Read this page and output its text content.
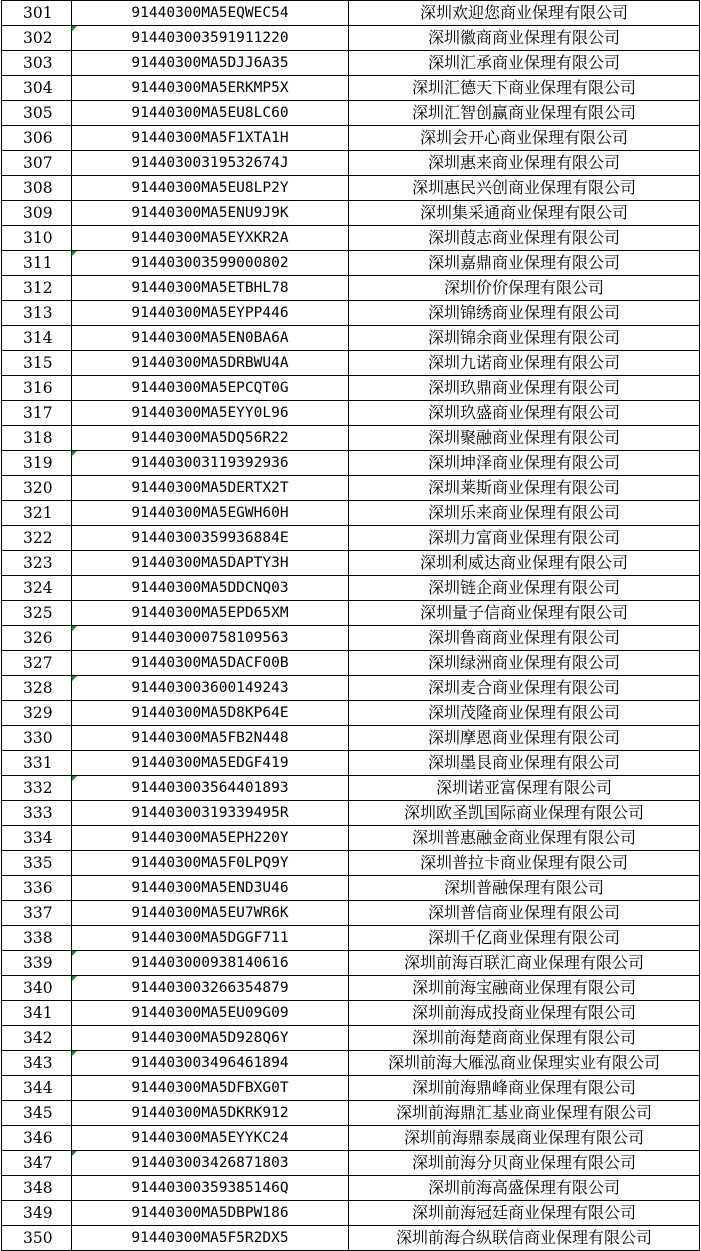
301	91440300MA5EQWEC54	深圳欢迎您商业保理有限公司
302	914403003591911220	深圳徽商商业保理有限公司
303	91440300MA5DJJ6A35	深圳汇承商业保理有限公司
304	91440300MA5ERKMP5X	深圳汇德天下商业保理有限公司
305	91440300MA5EU8LC60	深圳汇智创赢商业保理有限公司
306	91440300MA5F1XTA1H	深圳会开心商业保理有限公司
307	91440300319532674J	深圳惠来商业保理有限公司
308	91440300MA5EU8LP2Y	深圳惠民兴创商业保理有限公司
309	91440300MA5ENU9J9K	深圳集采通商业保理有限公司
310	91440300MA5EYXKR2A	深圳葭志商业保理有限公司
311	914403003599000802	深圳嘉鼎商业保理有限公司
312	91440300MA5ETBHL78	深圳价价保理有限公司
313	91440300MA5EYPP446	深圳锦绣商业保理有限公司
314	91440300MA5EN0BA6A	深圳锦余商业保理有限公司
315	91440300MA5DRBWU4A	深圳九诺商业保理有限公司
316	91440300MA5EPCQT0G	深圳玖鼎商业保理有限公司
317	91440300MA5EYY0L96	深圳玖盛商业保理有限公司
318	91440300MA5DQ56R22	深圳聚融商业保理有限公司
319	914403003119392936	深圳坤泽商业保理有限公司
320	91440300MA5DERTX2T	深圳莱斯商业保理有限公司
321	91440300MA5EGWH60H	深圳乐来商业保理有限公司
322	91440300359936884E	深圳力富商业保理有限公司
323	91440300MA5DAPTY3H	深圳利威达商业保理有限公司
324	91440300MA5DDCNQ03	深圳链企商业保理有限公司
325	91440300MA5EPD65XM	深圳量子信商业保理有限公司
326	914403000758109563	深圳鲁商商业保理有限公司
327	91440300MA5DACF00B	深圳绿洲商业保理有限公司
328	914403003600149243	深圳麦合商业保理有限公司
329	91440300MA5D8KP64E	深圳茂隆商业保理有限公司
330	91440300MA5FB2N448	深圳摩恩商业保理有限公司
331	91440300MA5EDGF419	深圳墨艮商业保理有限公司
332	914403003564401893	深圳诺亚富保理有限公司
333	91440300319339495R	深圳欧圣凯国际商业保理有限公司
334	91440300MA5EPH220Y	深圳普惠融金商业保理有限公司
335	91440300MA5F0LPQ9Y	深圳普拉卡商业保理有限公司
336	91440300MA5END3U46	深圳普融保理有限公司
337	91440300MA5EU7WR6K	深圳普信商业保理有限公司
338	91440300MA5DGGF711	深圳千亿商业保理有限公司
339	914403000938140616	深圳前海百联汇商业保理有限公司
340	914403003266354879	深圳前海宝融商业保理有限公司
341	91440300MA5EU09G09	深圳前海成投商业保理有限公司
342	91440300MA5D928Q6Y	深圳前海楚商商业保理有限公司
343	914403003496461894	深圳前海大雁泓商业保理实业有限公司
344	91440300MA5DFBXG0T	深圳前海鼎峰商业保理有限公司
345	91440300MA5DKRK912	深圳前海鼎汇基业商业保理有限公司
346	91440300MA5EYYKC24	深圳前海鼎泰晟商业保理有限公司
347	914403003426871803	深圳前海分贝商业保理有限公司
348	91440300359385146Q	深圳前海高盛保理有限公司
349	91440300MA5DBPW186	深圳前海冠廷商业保理有限公司
350	91440300MA5F5R2DX5	深圳前海合纵联信商业保理有限公司
